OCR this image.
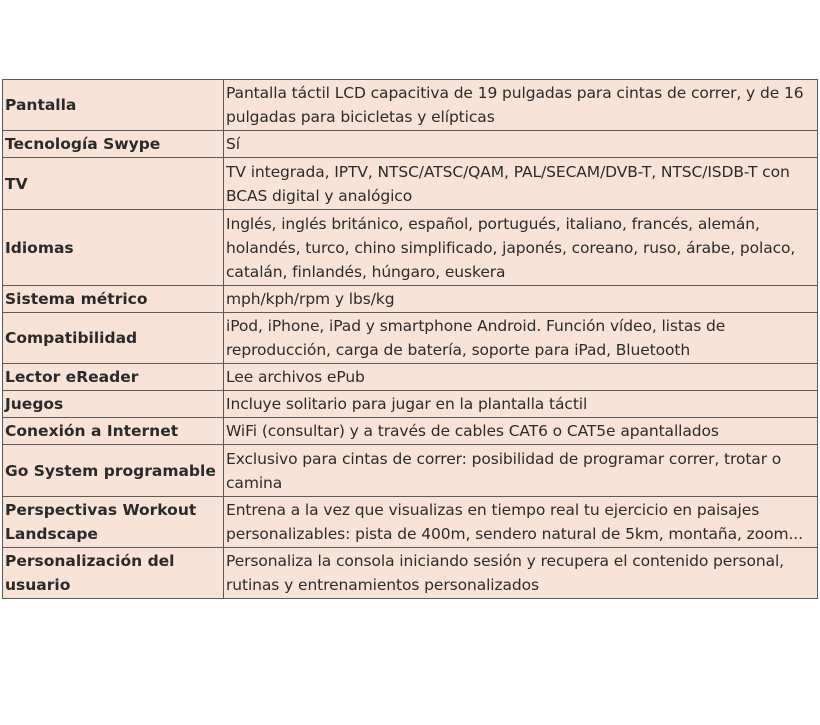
Pantalla	Pantalla táctil LCD capacitiva de 19 pulgadas para cintas de correr, y de 16 pulgadas para bicicletas y elípticas
Tecnología Swype	Sí
TV	TV integrada, IPTV, NTSC/ATSC/QAM, PAL/SECAM/DVB-T, NTSC/ISDB-T con BCAS digital y analógico
Idiomas	Inglés, inglés británico, español, portugués, italiano, francés, alemán, holandés, turco, chino simplificado, japonés, coreano, ruso, árabe, polaco, catalán, finlandés, húngaro, euskera
Sistema métrico	mph/kph/rpm y lbs/kg
Compatibilidad	iPod, iPhone, iPad y smartphone Android. Función vídeo, listas de reproducción, carga de batería, soporte para iPad, Bluetooth
Lector eReader	Lee archivos ePub
Juegos	Incluye solitario para jugar en la plantalla táctil
Conexión a Internet	WiFi (consultar) y a través de cables CAT6 o CAT5e apantallados
Go System programable	Exclusivo para cintas de correr: posibilidad de programar correr, trotar o camina
Perspectivas Workout Landscape	Entrena a la vez que visualizas en tiempo real tu ejercicio en paisajes personalizables: pista de 400m, sendero natural de 5km, montaña, zoom...
Personalización del usuario	Personaliza la consola iniciando sesión y recupera el contenido personal, rutinas y entrenamientos personalizados
